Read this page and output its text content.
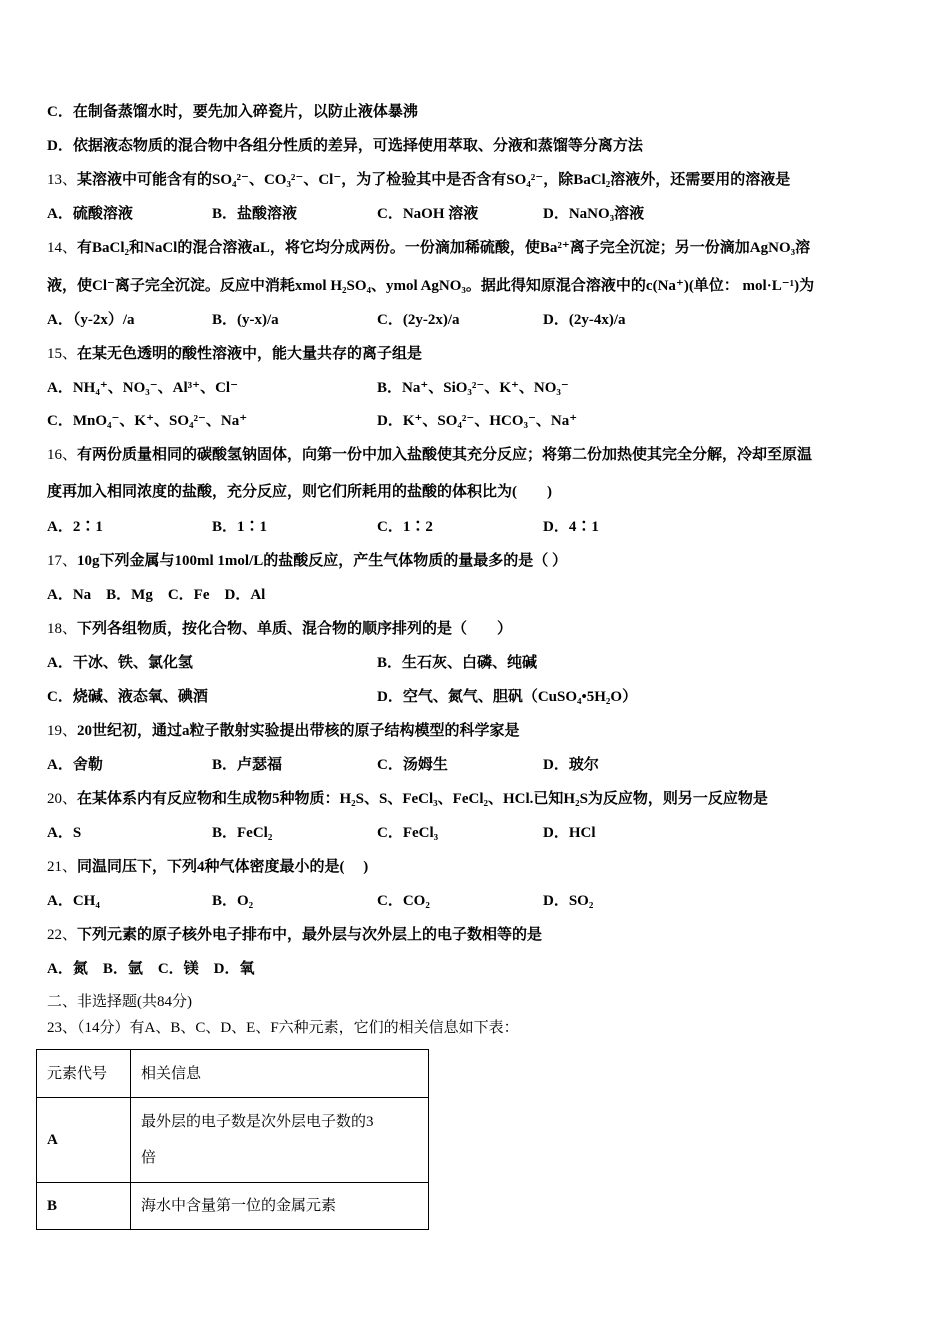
C．在制备蒸馏水时，要先加入碎瓷片，以防止液体暴沸
D．依据液态物质的混合物中各组分性质的差异，可选择使用萃取、分液和蒸馏等分离方法
13、某溶液中可能含有的SO₄²⁻、CO₃²⁻、Cl⁻，为了检验其中是否含有SO₄²⁻，除BaCl₂溶液外，还需要用的溶液是
A．硫酸溶液	B．盐酸溶液	C．NaOH 溶液	D．NaNO₃溶液
14、有BaCl₂和NaCl的混合溶液aL，将它均分成两份。一份滴加稀硫酸，使Ba²⁺离子完全沉淀；另一份滴加AgNO₃溶
液，使Cl⁻离子完全沉淀。反应中消耗xmol H₂SO₄、ymol AgNO₃。据此得知原混合溶液中的c(Na⁺)(单位： mol·L⁻¹)为
A．（y-2x）/a	B．(y-x)/a	C．(2y-2x)/a	D．(2y-4x)/a
15、在某无色透明的酸性溶液中，能大量共存的离子组是
A．NH₄⁺、NO₃⁻、Al³⁺、Cl⁻	B．Na⁺、SiO₃²⁻、K⁺、NO₃⁻
C．MnO₄⁻、K⁺、SO₄²⁻、Na⁺	D．K⁺、SO₄²⁻、HCO₃⁻、Na⁺
16、有两份质量相同的碳酸氢钠固体，向第一份中加入盐酸使其充分反应；将第二份加热使其完全分解，冷却至原温
度再加入相同浓度的盐酸，充分反应，则它们所耗用的盐酸的体积比为(　　)
A．2∶1	B．1∶1	C．1∶2	D．4∶1
17、10g下列金属与100ml 1mol/L的盐酸反应，产生气体物质的量最多的是（ ）
A．Na　B．Mg　C．Fe　D．Al
18、下列各组物质，按化合物、单质、混合物的顺序排列的是（　　）
A．干冰、铁、氯化氢	B．生石灰、白磷、纯碱
C．烧碱、液态氧、碘酒	D．空气、氮气、胆矾（CuSO₄•5H₂O）
19、20世纪初，通过a粒子散射实验提出带核的原子结构模型的科学家是
A．舍勒	B．卢瑟福	C．汤姆生	D．玻尔
20、在某体系内有反应物和生成物5种物质：H₂S、S、FeCl₃、FeCl₂、HCl.已知H₂S为反应物，则另一反应物是
A．S	B．FeCl₂	C．FeCl₃	D．HCl
21、同温同压下，下列4种气体密度最小的是(　 )
A．CH₄	B．O₂	C．CO₂	D．SO₂
22、下列元素的原子核外电子排布中，最外层与次外层上的电子数相等的是
A．氮　B．氩　C．镁　D．氧
二、非选择题(共84分)
23、（14分）有A、B、C、D、E、F六种元素，它们的相关信息如下表：
元素代号	相关信息
A	最外层的电子数是次外层电子数的3
倍

B	海水中含量第一位的金属元素
